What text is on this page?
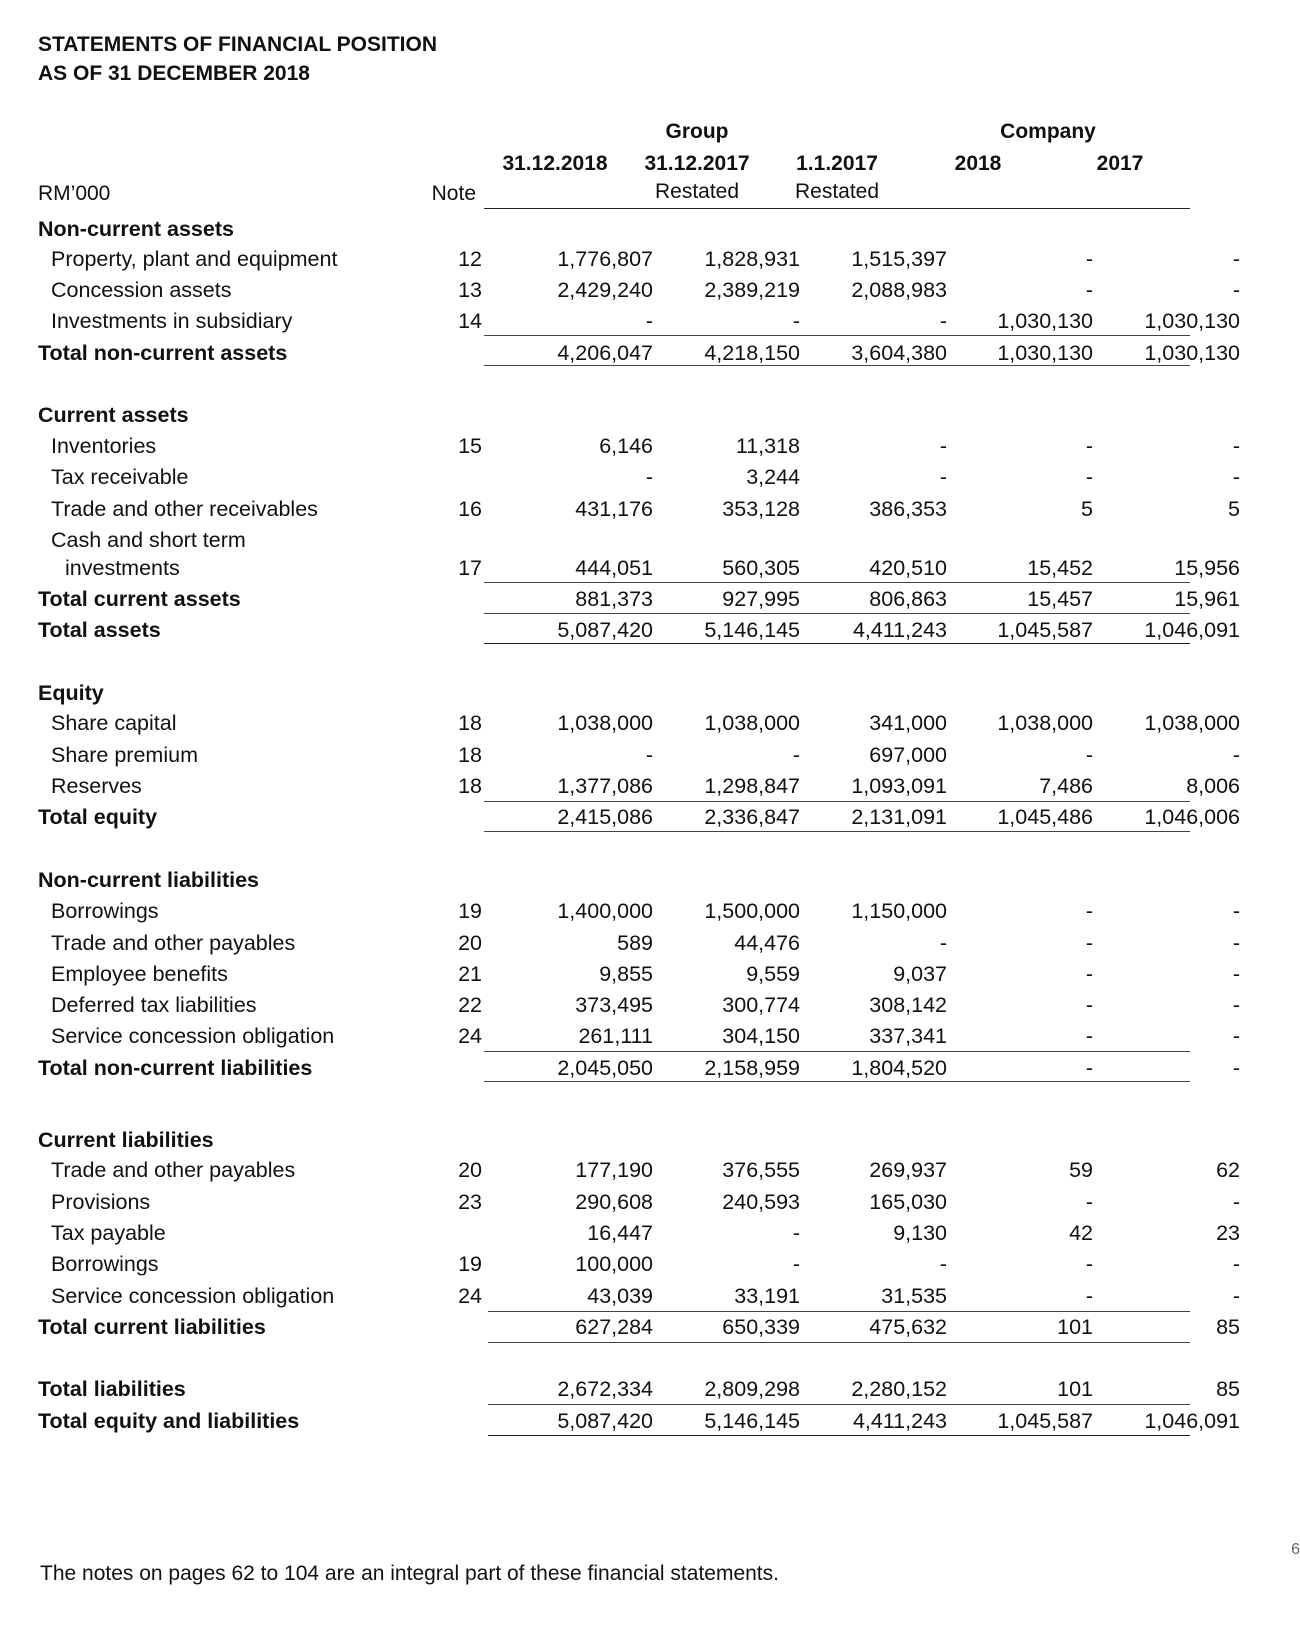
STATEMENTS OF FINANCIAL POSITION
AS OF 31 DECEMBER 2018
Group	Company
31.12.2018 31.12.2017 1.1.2017	2018	2017
Restated	Restated
RM’000	Note
Non-current assets
Property, plant and equipment	12	1,776,807 1,828,931 1,515,397	-	-
Concession assets	13	2,429,240 2,389,219 2,088,983	-	-
Investments in subsidiary	14	-	-	- 1,030,130 1,030,130
Total non-current assets	4,206,047 4,218,150 3,604,380 1,030,130 1,030,130
Current assets
Inventories	15	6,146	11,318	-	-	-
Tax receivable	-	3,244	-	-	-
Trade and other receivables	16	431,176	353,128	386,353	5	5
Cash and short term
investments	17	444,051	560,305	420,510	15,452	15,956
Total current assets	881,373	927,995	806,863	15,457	15,961
Total assets	5,087,420 5,146,145 4,411,243 1,045,587 1,046,091
Equity
Share capital	18	1,038,000 1,038,000	341,000 1,038,000 1,038,000
Share premium	18	-	-	697,000	-	-
Reserves	18	1,377,086 1,298,847 1,093,091	7,486	8,006
Total equity	2,415,086 2,336,847 2,131,091 1,045,486 1,046,006
Non-current liabilities
Borrowings	19	1,400,000 1,500,000 1,150,000	-	-
Trade and other payables	20	589	44,476	-	-	-
Employee benefits	21	9,855	9,559	9,037	-	-
Deferred tax liabilities	22	373,495	300,774	308,142	-	-
Service concession obligation	24	261,111	304,150	337,341	-	-
Total non-current liabilities	2,045,050 2,158,959 1,804,520	-	-
Current liabilities
Trade and other payables	20	177,190	376,555	269,937	59	62
Provisions	23	290,608	240,593	165,030	-	-
Tax payable	16,447	-	9,130	42	23
Borrowings	19	100,000	-	-	-	-
Service concession obligation	24	43,039	33,191	31,535	-	-
Total current liabilities	627,284	650,339	475,632	101	85
Total liabilities	2,672,334 2,809,298 2,280,152	101	85
Total equity and liabilities	5,087,420 5,146,145 4,411,243 1,045,587 1,046,091
The notes on pages 62 to 104 are an integral part of these financial statements.
6
